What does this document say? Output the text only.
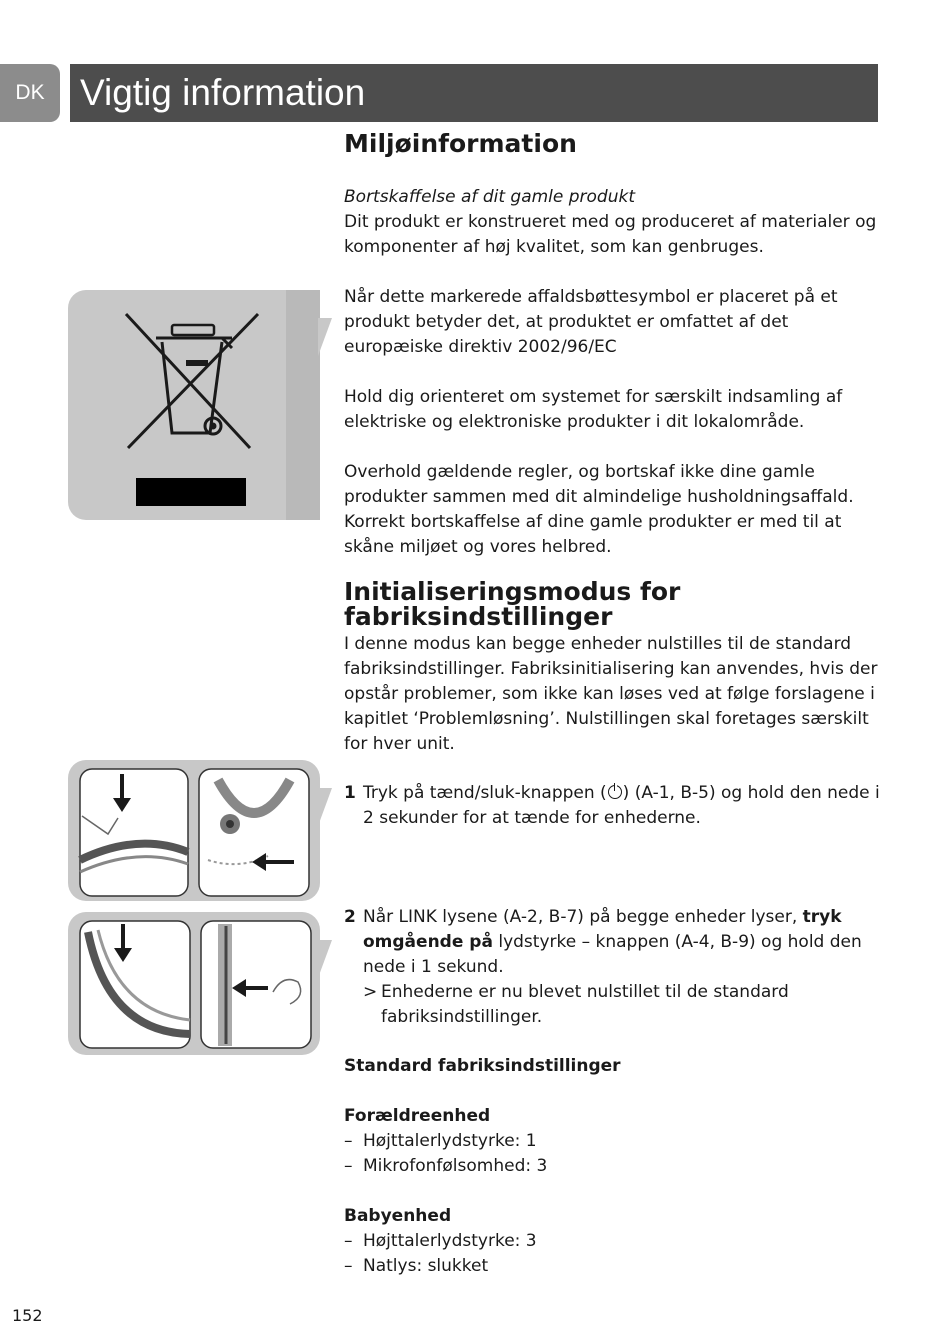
DK Vigtig information
Miljøinformation

Bortskaffelse af dit gamle produkt

Dit produkt er konstrueret med og produceret af materialer og komponenter af høj kvalitet, som kan genbruges.

Når dette markerede affaldsbøttesymbol er placeret på et produkt betyder det, at produktet er omfattet af det europæiske direktiv 2002/96/EC

Hold dig orienteret om systemet for særskilt indsamling af elektriske og elektroniske produkter i dit lokalområde.

Overhold gældende regler, og bortskaf ikke dine gamle produkter sammen med dit almindelige husholdningsaffald. Korrekt bortskaffelse af dine gamle produkter er med til at skåne miljøet og vores helbred.

Initialiseringsmodus for fabriksindstillinger

I denne modus kan begge enheder nulstilles til de standard fabriksindstillinger. Fabriksinitialisering kan anvendes, hvis der opstår problemer, som ikke kan løses ved at følge forslagene i kapitlet ‘Problemløsning’. Nulstillingen skal foretages særskilt for hver unit.

1 Tryk på tænd/sluk-knappen ( ) (A-1, B-5) og hold den nede i 2 sekunder for at tænde for enhederne.
2 Når LINK lysene (A-2, B-7) på begge enheder lyser, tryk omgående på lydstyrke – knappen (A-4, B-9) og hold den nede i 1 sekund.
> Enhederne er nu blevet nulstillet til de standard fabriksindstillinger.

Standard fabriksindstillinger

Forældreenhed

– Højttalerlydstyrke: 1
– Mikrofonfølsomhed: 3

Babyenhed

– Højttalerlydstyrke: 3
– Natlys: slukket
152
